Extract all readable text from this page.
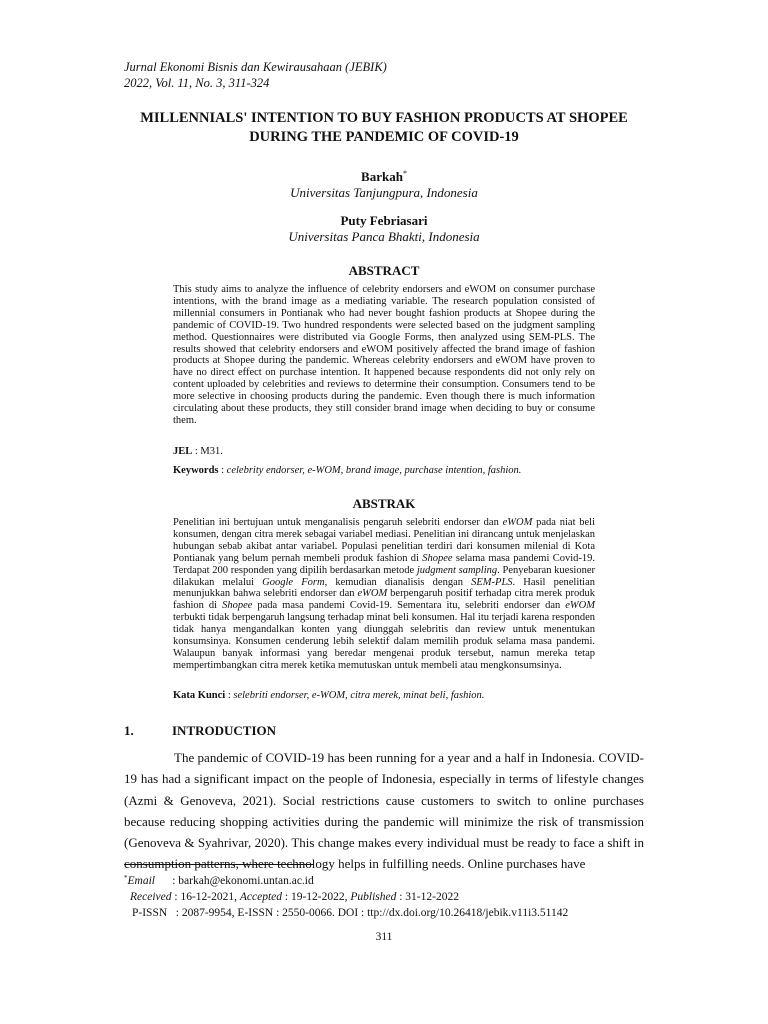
Jurnal Ekonomi Bisnis dan Kewirausahaan (JEBIK)
2022, Vol. 11, No. 3, 311-324
MILLENNIALS' INTENTION TO BUY FASHION PRODUCTS AT SHOPEE
DURING THE PANDEMIC OF COVID-19
Barkah*
Universitas Tanjungpura, Indonesia
Puty Febriasari
Universitas Panca Bhakti, Indonesia
ABSTRACT
This study aims to analyze the influence of celebrity endorsers and eWOM on consumer purchase intentions, with the brand image as a mediating variable. The research population consisted of millennial consumers in Pontianak who had never bought fashion products at Shopee during the pandemic of COVID-19. Two hundred respondents were selected based on the judgment sampling method. Questionnaires were distributed via Google Forms, then analyzed using SEM-PLS. The results showed that celebrity endorsers and eWOM positively affected the brand image of fashion products at Shopee during the pandemic. Whereas celebrity endorsers and eWOM have proven to have no direct effect on purchase intention. It happened because respondents did not only rely on content uploaded by celebrities and reviews to determine their consumption. Consumers tend to be more selective in choosing products during the pandemic. Even though there is much information circulating about these products, they still consider brand image when deciding to buy or consume them.
JEL : M31.
Keywords : celebrity endorser, e-WOM, brand image, purchase intention, fashion.
ABSTRAK
Penelitian ini bertujuan untuk menganalisis pengaruh selebriti endorser dan eWOM pada niat beli konsumen, dengan citra merek sebagai variabel mediasi. Penelitian ini dirancang untuk menjelaskan hubungan sebab akibat antar variabel. Populasi penelitian terdiri dari konsumen milenial di Kota Pontianak yang belum pernah membeli produk fashion di Shopee selama masa pandemi Covid-19. Terdapat 200 responden yang dipilih berdasarkan metode judgment sampling. Penyebaran kuesioner dilakukan melalui Google Form, kemudian dianalisis dengan SEM-PLS. Hasil penelitian menunjukkan bahwa selebriti endorser dan eWOM berpengaruh positif terhadap citra merek produk fashion di Shopee pada masa pandemi Covid-19. Sementara itu, selebriti endorser dan eWOM terbukti tidak berpengaruh langsung terhadap minat beli konsumen. Hal itu terjadi karena responden tidak hanya mengandalkan konten yang diunggah selebritis dan review untuk menentukan konsumsinya. Konsumen cenderung lebih selektif dalam memilih produk selama masa pandemi. Walaupun banyak informasi yang beredar mengenai produk tersebut, namun mereka tetap mempertimbangkan citra merek ketika memutuskan untuk membeli atau mengkonsumsinya.
Kata Kunci : selebriti endorser, e-WOM, citra merek, minat beli, fashion.
1.	INTRODUCTION

The pandemic of COVID-19 has been running for a year and a half in Indonesia. COVID-19 has had a significant impact on the people of Indonesia, especially in terms of lifestyle changes (Azmi & Genoveva, 2021). Social restrictions cause customers to switch to online purchases because reducing shopping activities during the pandemic will minimize the risk of transmission (Genoveva & Syahrivar, 2020). This change makes every individual must be ready to face a shift in consumption patterns, where technology helps in fulfilling needs. Online purchases have

*Email : barkah@ekonomi.untan.ac.id
Received : 16-12-2021, Accepted : 19-12-2022, Published : 31-12-2022
P-ISSN   : 2087-9954, E-ISSN : 2550-0066. DOI : ttp://dx.doi.org/10.26418/jebik.v11i3.51142
311
